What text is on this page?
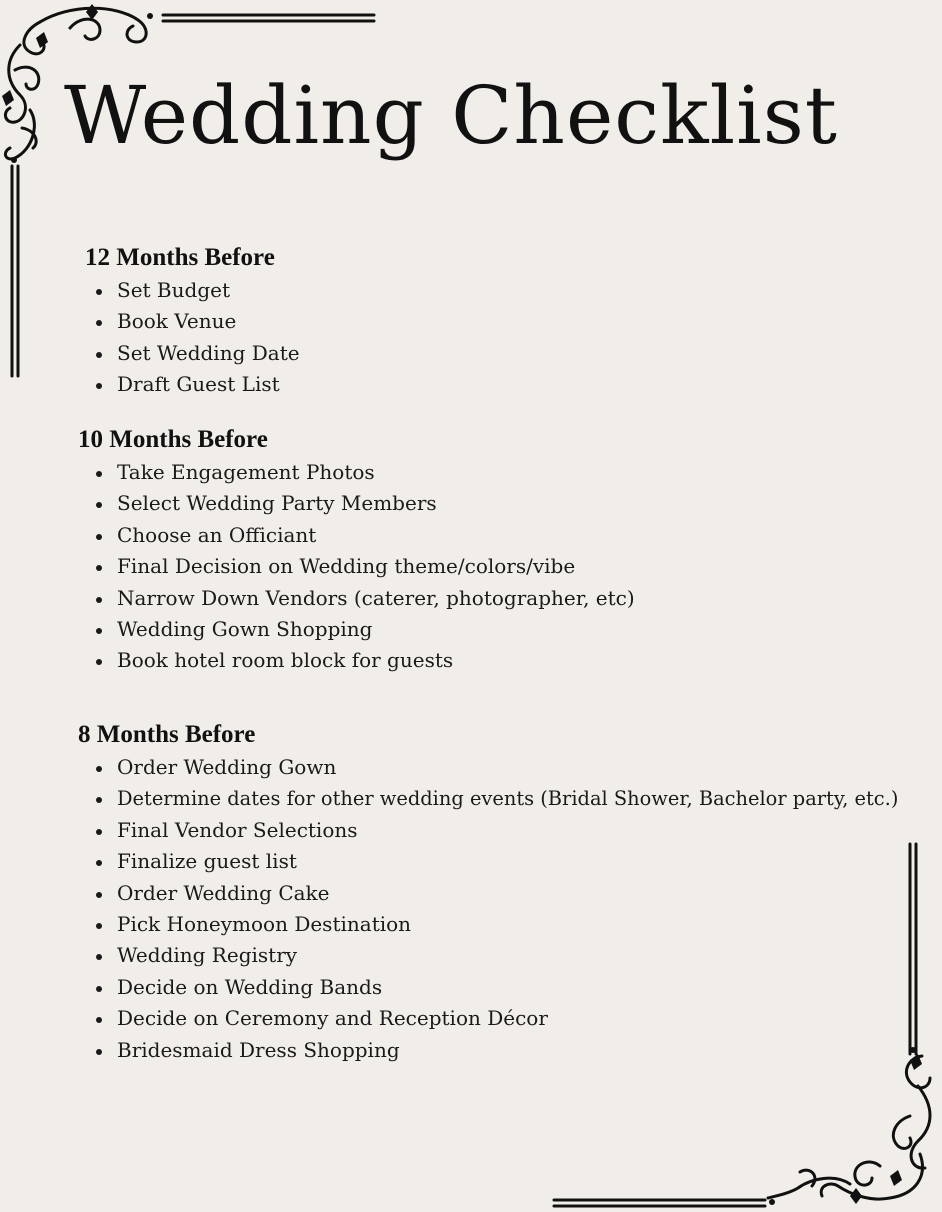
Wedding Checklist
12 Months Before
Set Budget
Book Venue
Set Wedding Date
Draft Guest List
10 Months Before
Take Engagement Photos
Select Wedding Party Members
Choose an Officiant
Final Decision on Wedding theme/colors/vibe
Narrow Down Vendors (caterer, photographer, etc)
Wedding Gown Shopping
Book hotel room block for guests
8 Months Before
Order Wedding Gown
Determine dates for other wedding events (Bridal Shower, Bachelor party, etc.)
Final Vendor Selections
Finalize guest list
Order Wedding Cake
Pick Honeymoon Destination
Wedding Registry
Decide on Wedding Bands
Decide on Ceremony and Reception Décor
Bridesmaid Dress Shopping
